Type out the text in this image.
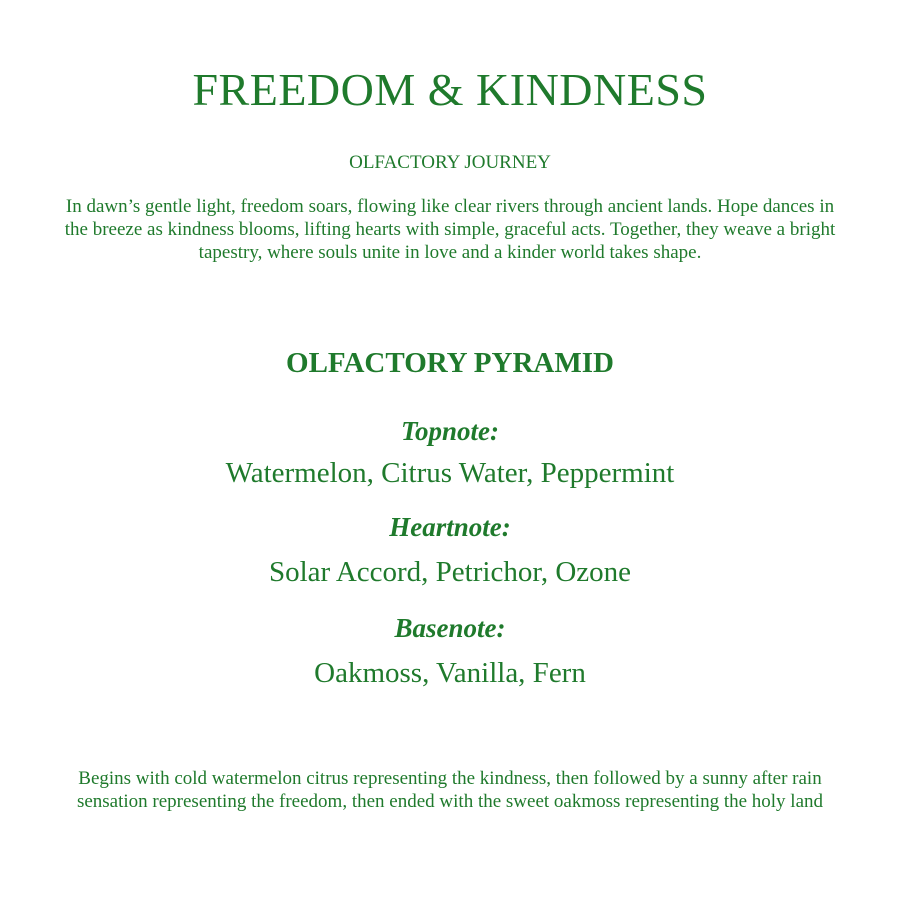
FREEDOM & KINDNESS

OLFACTORY JOURNEY

In dawn’s gentle light, freedom soars, flowing like clear rivers through ancient lands. Hope dances in the breeze as kindness blooms, lifting hearts with simple, graceful acts. Together, they weave a bright tapestry, where souls unite in love and a kinder world takes shape.

OLFACTORY PYRAMID

Topnote:

Watermelon, Citrus Water, Peppermint

Heartnote:

Solar Accord, Petrichor, Ozone

Basenote:

Oakmoss, Vanilla, Fern

Begins with cold watermelon citrus representing the kindness, then followed by a sunny after rain sensation representing the freedom, then ended with the sweet oakmoss representing the holy land
